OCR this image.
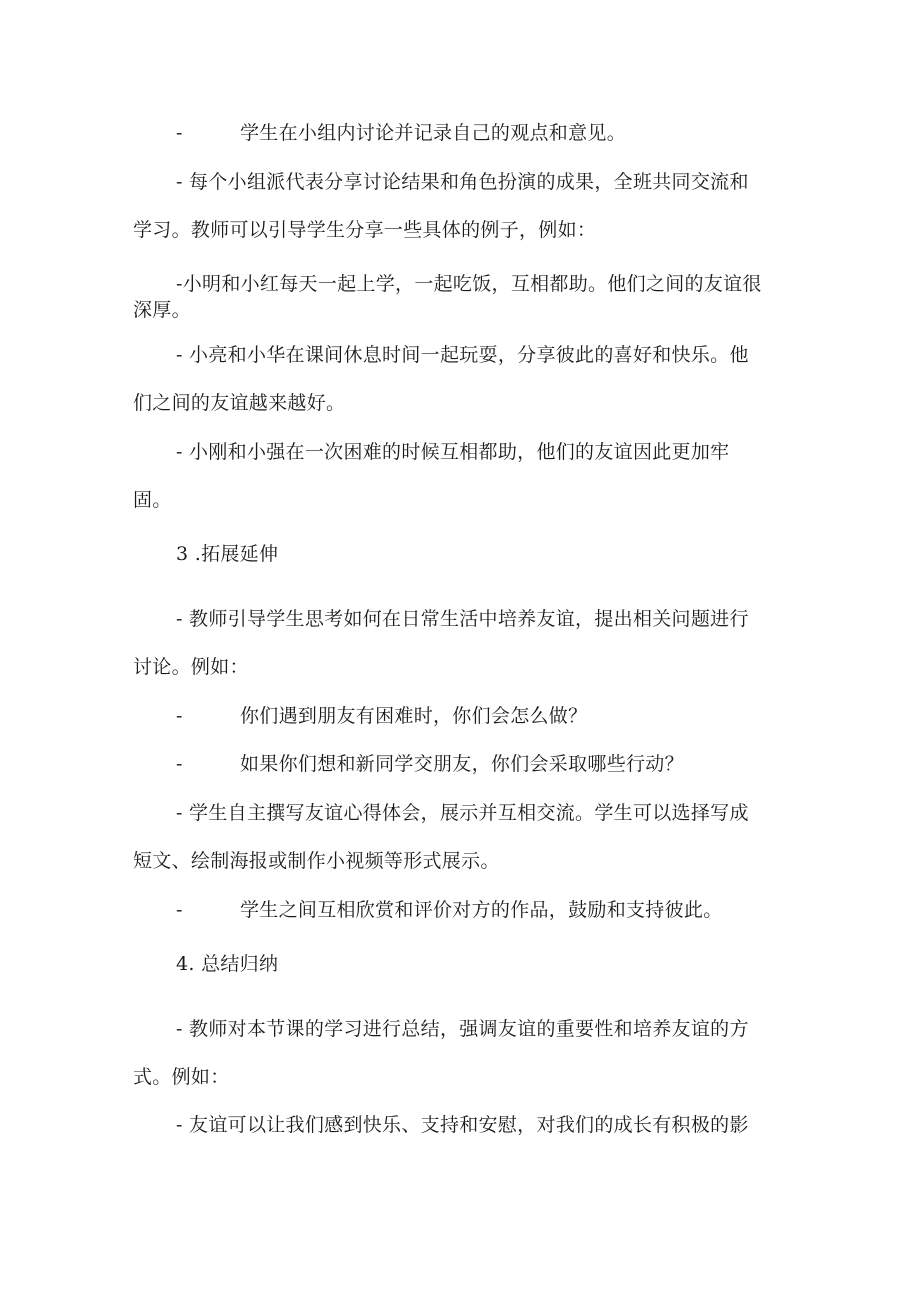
-	学生在小组内讨论并记录自己的观点和意见。
- 每个小组派代表分享讨论结果和角色扮演的成果，全班共同交流和
学习。教师可以引导学生分享一些具体的例子，例如：
-小明和小红每天一起上学，一起吃饭，互相都助。他们之间的友谊很
深厚。
- 小亮和小华在课间休息时间一起玩耍，分享彼此的喜好和快乐。他
们之间的友谊越来越好。
- 小刚和小强在一次困难的时候互相都助，他们的友谊因此更加牢
固。
3 .拓展延伸
- 教师引导学生思考如何在日常生活中培养友谊，提出相关问题进行
讨论。例如：
-	你们遇到朋友有困难时，你们会怎么做？
-	如果你们想和新同学交朋友，你们会采取哪些行动？
- 学生自主撰写友谊心得体会，展示并互相交流。学生可以选择写成
短文、绘制海报或制作小视频等形式展示。
-	学生之间互相欣赏和评价对方的作品，鼓励和支持彼此。
4. 总结归纳
- 教师对本节课的学习进行总结，强调友谊的重要性和培养友谊的方
式。例如：
- 友谊可以让我们感到快乐、支持和安慰，对我们的成长有积极的影
